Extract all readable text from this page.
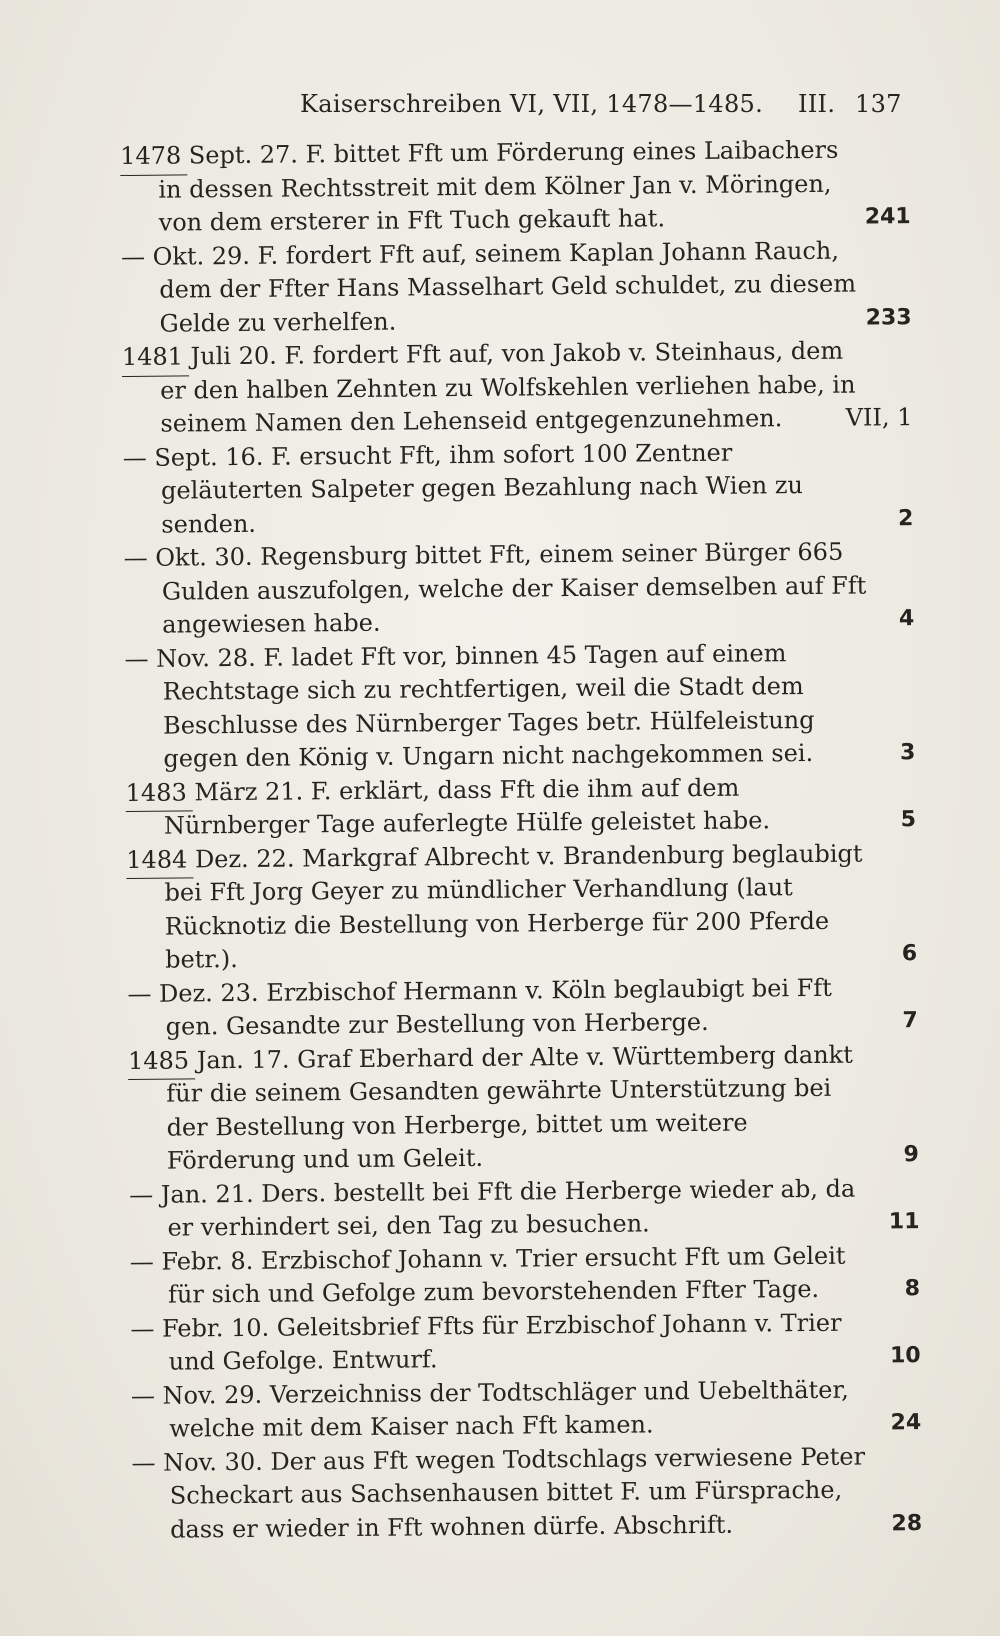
Kaiserschreiben VI, VII, 1478—1485. III. 137
1478 Sept. 27. F. bittet Fft um Förderung eines Laibachers in dessen Rechtsstreit mit dem Kölner Jan v. Möringen, von dem ersterer in Fft Tuch gekauft hat.	241
— Okt. 29. F. fordert Fft auf, seinem Kaplan Johann Rauch, dem der Ffter Hans Masselhart Geld schuldet, zu diesem Gelde zu verhelfen.	233
1481 Juli 20. F. fordert Fft auf, von Jakob v. Steinhaus, dem er den halben Zehnten zu Wolfskehlen verliehen habe, in seinem Namen den Lehenseid entgegenzunehmen.	VII, 1
— Sept. 16. F. ersucht Fft, ihm sofort 100 Zentner geläuterten Salpeter gegen Bezahlung nach Wien zu senden.	2
— Okt. 30. Regensburg bittet Fft, einem seiner Bürger 665 Gulden auszufolgen, welche der Kaiser demselben auf Fft angewiesen habe.	4
— Nov. 28. F. ladet Fft vor, binnen 45 Tagen auf einem Rechtstage sich zu rechtfertigen, weil die Stadt dem Beschlusse des Nürnberger Tages betr. Hülfeleistung gegen den König v. Ungarn nicht nachgekommen sei.	3
1483 März 21. F. erklärt, dass Fft die ihm auf dem Nürnberger Tage auferlegte Hülfe geleistet habe.	5
1484 Dez. 22. Markgraf Albrecht v. Brandenburg beglaubigt bei Fft Jorg Geyer zu mündlicher Verhandlung (laut Rücknotiz die Bestellung von Herberge für 200 Pferde betr.).	6
— Dez. 23. Erzbischof Hermann v. Köln beglaubigt bei Fft gen. Gesandte zur Bestellung von Herberge.	7
1485 Jan. 17. Graf Eberhard der Alte v. Württemberg dankt für die seinem Gesandten gewährte Unterstützung bei der Bestellung von Herberge, bittet um weitere Förderung und um Geleit.	9
— Jan. 21. Ders. bestellt bei Fft die Herberge wieder ab, da er verhindert sei, den Tag zu besuchen.	11
— Febr. 8. Erzbischof Johann v. Trier ersucht Fft um Geleit für sich und Gefolge zum bevorstehenden Ffter Tage.	8
— Febr. 10. Geleitsbrief Ffts für Erzbischof Johann v. Trier und Gefolge. Entwurf.	10
— Nov. 29. Verzeichniss der Todtschläger und Uebelthäter, welche mit dem Kaiser nach Fft kamen.	24
— Nov. 30. Der aus Fft wegen Todtschlags verwiesene Peter Scheckart aus Sachsenhausen bittet F. um Fürsprache, dass er wieder in Fft wohnen dürfe. Abschrift.	28
